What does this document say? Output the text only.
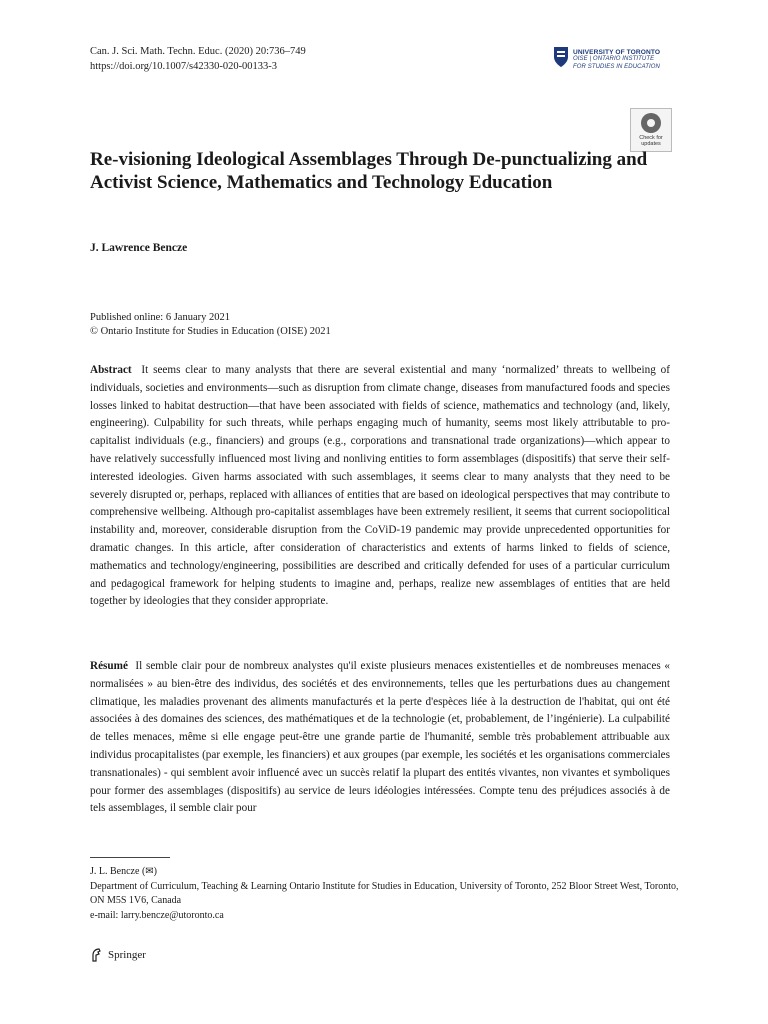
Can. J. Sci. Math. Techn. Educ. (2020) 20:736–749
https://doi.org/10.1007/s42330-020-00133-3
UNIVERSITY OF TORONTO
OISE | ONTARIO INSTITUTE
FOR STUDIES IN EDUCATION
Check for updates
Re-visioning Ideological Assemblages Through De-punctualizing and Activist Science, Mathematics and Technology Education
J. Lawrence Bencze
Published online: 6 January 2021
© Ontario Institute for Studies in Education (OISE) 2021
Abstract It seems clear to many analysts that there are several existential and many ‘normalized’ threats to wellbeing of individuals, societies and environments—such as disruption from climate change, diseases from manufactured foods and species losses linked to habitat destruction—that have been associated with fields of science, mathematics and technology (and, likely, engineering). Culpability for such threats, while perhaps engaging much of humanity, seems most likely attributable to pro-capitalist individuals (e.g., financiers) and groups (e.g., corporations and transnational trade organizations)—which appear to have relatively successfully influenced most living and nonliving entities to form assemblages (dispositifs) that serve their self-interested ideologies. Given harms associated with such assemblages, it seems clear to many analysts that they need to be severely disrupted or, perhaps, replaced with alliances of entities that are based on ideological perspectives that may contribute to comprehensive wellbeing. Although pro-capitalist assemblages have been extremely resilient, it seems that current sociopolitical instability and, moreover, considerable disruption from the CoViD-19 pandemic may provide unprecedented opportunities for dramatic changes. In this article, after consideration of characteristics and extents of harms linked to fields of science, mathematics and technology/engineering, possibilities are described and critically defended for uses of a particular curriculum and pedagogical framework for helping students to imagine and, perhaps, realize new assemblages of entities that are held together by ideologies that they consider appropriate.
Résumé Il semble clair pour de nombreux analystes qu'il existe plusieurs menaces existentielles et de nombreuses menaces « normalisées » au bien-être des individus, des sociétés et des environnements, telles que les perturbations dues au changement climatique, les maladies provenant des aliments manufacturés et la perte d'espèces liée à la destruction de l'habitat, qui ont été associées à des domaines des sciences, des mathématiques et de la technologie (et, probablement, de l’ingénierie). La culpabilité de telles menaces, même si elle engage peut-être une grande partie de l'humanité, semble très probablement attribuable aux individus procapitalistes (par exemple, les financiers) et aux groupes (par exemple, les sociétés et les organisations commerciales transnationales) - qui semblent avoir influencé avec un succès relatif la plupart des entités vivantes, non vivantes et symboliques pour former des assemblages (dispositifs) au service de leurs idéologies intéressées. Compte tenu des préjudices associés à de tels assemblages, il semble clair pour
J. L. Bencze (✉)
Department of Curriculum, Teaching & Learning Ontario Institute for Studies in Education, University of Toronto, 252 Bloor Street West, Toronto, ON M5S 1V6, Canada
e-mail: larry.bencze@utoronto.ca
Springer
